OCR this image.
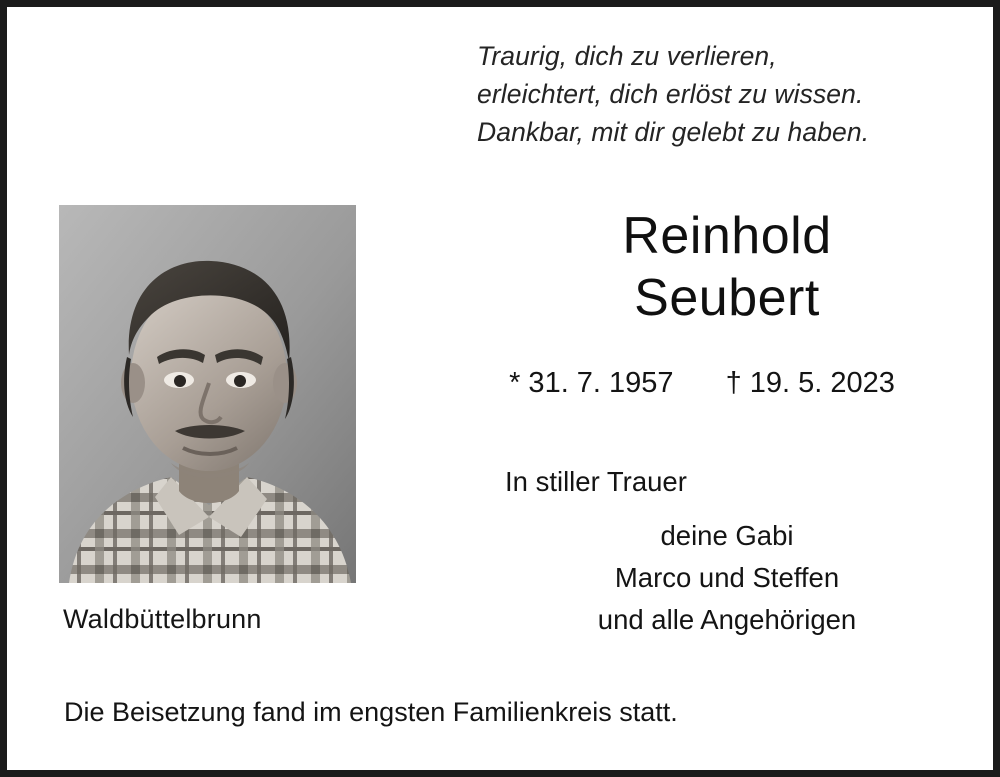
Traurig, dich zu verlieren,
erleichtert, dich erlöst zu wissen.
Dankbar, mit dir gelebt zu haben.
Waldbüttelbrunn
Reinhold
Seubert
* 31. 7. 1957 † 19. 5. 2023
In stiller Trauer
deine Gabi
Marco und Steffen
und alle Angehörigen
Die Beisetzung fand im engsten Familienkreis statt.
